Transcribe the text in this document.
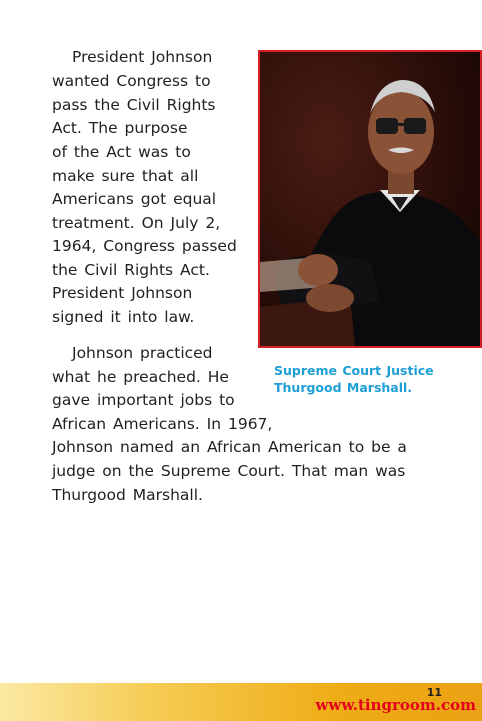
President Johnson
wanted Congress to
pass the Civil Rights
Act. The purpose
of the Act was to
make sure that all
Americans got equal
treatment. On July 2,
1964, Congress passed
the Civil Rights Act.
President Johnson
signed it into law.
Johnson practiced
what he preached. He
gave important jobs to
African Americans. In 1967,
Johnson named an African American to be a
judge on the Supreme Court. That man was
Thurgood Marshall.
Supreme Court Justice
Thurgood Marshall.
11
www.tingroom.com
